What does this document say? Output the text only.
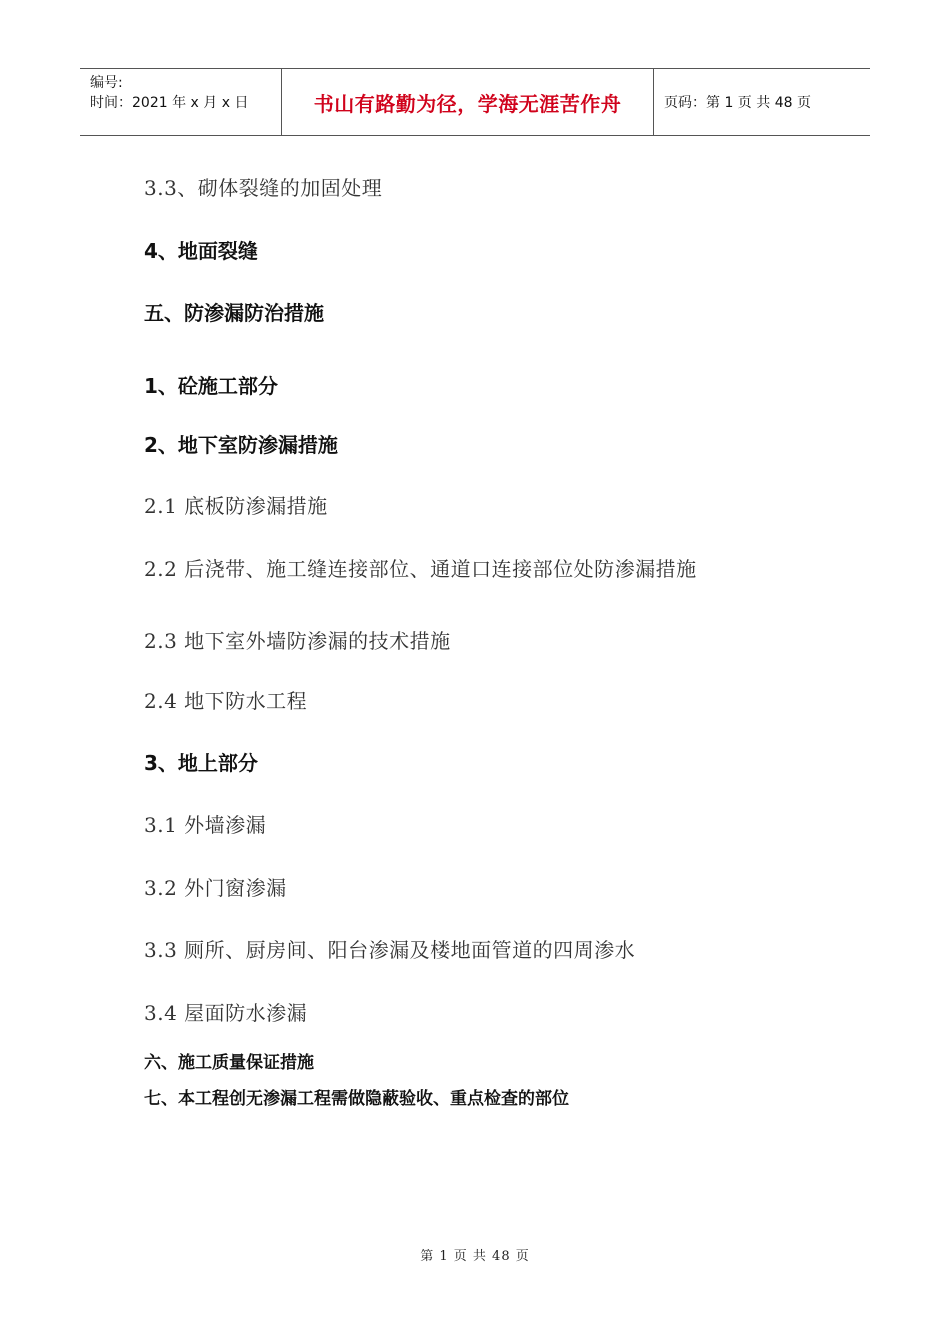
编号:
时间：2021 年 x 月 x 日	书山有路勤为径，学海无涯苦作舟	页码：第 1 页 共 48 页
3.3、砌体裂缝的加固处理
4、地面裂缝
五、防渗漏防治措施
1、砼施工部分
2、地下室防渗漏措施
2.1 底板防渗漏措施
2.2 后浇带、施工缝连接部位、通道口连接部位处防渗漏措施
2.3 地下室外墙防渗漏的技术措施
2.4 地下防水工程
3、地上部分
3.1 外墙渗漏
3.2 外门窗渗漏
3.3 厕所、厨房间、阳台渗漏及楼地面管道的四周渗水
3.4 屋面防水渗漏
六、施工质量保证措施
七、本工程创无渗漏工程需做隐蔽验收、重点检查的部位
第 1 页 共 48 页
